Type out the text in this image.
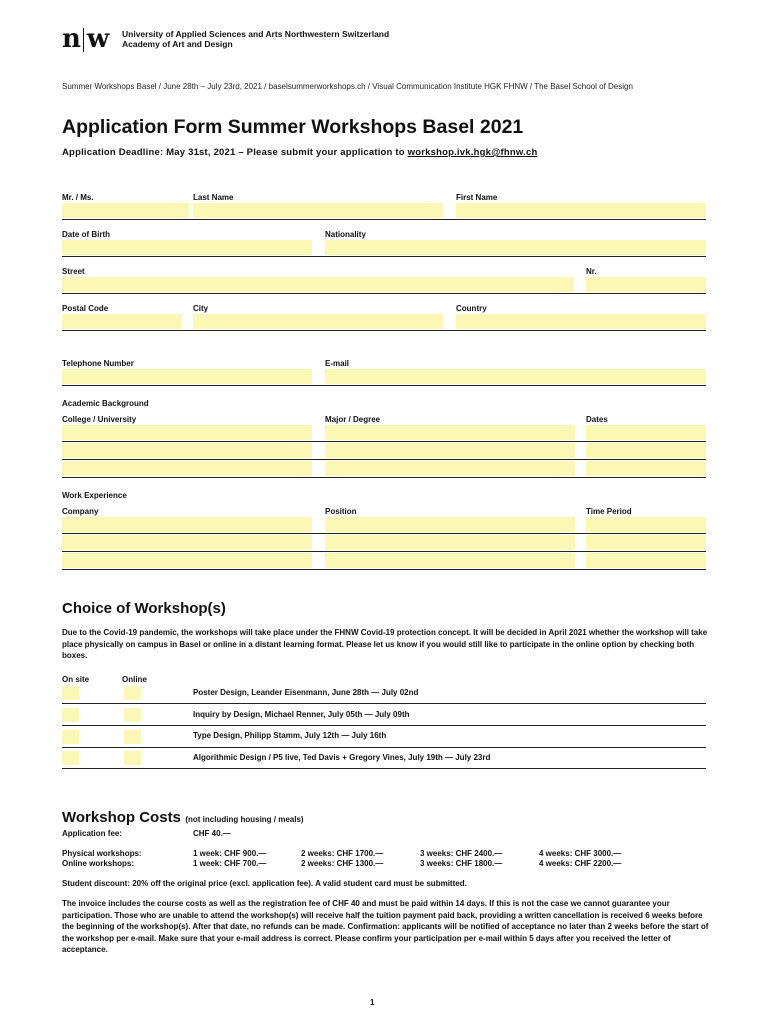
n w University of Applied Sciences and Arts Northwestern Switzerland
Academy of Art and Design
Summer Workshops Basel / June 28th – July 23rd, 2021 / baselsummerworkshops.ch / Visual Communication Institute HGK FHNW / The Basel School of Design
Application Form Summer Workshops Basel 2021
Application Deadline: May 31st, 2021 – Please submit your application to workshop.ivk.hgk@fhnw.ch
Mr. / Ms.	Last Name	First Name
Date of Birth	Nationality
Street	Nr.
Postal Code	City	Country
Telephone Number	E-mail
Academic Background
College / University	Major / Degree	Dates
Work Experience
Company	Position	Time Period
Choice of Workshop(s)
Due to the Covid-19 pandemic, the workshops will take place under the FHNW Covid-19 protection concept. It will be decided in April 2021 whether the workshop will take place physically on campus in Basel or online in a distant learning format. Please let us know if you would still like to participate in the online option by checking both boxes.
On site	Online
Poster Design, Leander Eisenmann, June 28th — July 02nd
Inquiry by Design, Michael Renner, July 05th — July 09th
Type Design, Philipp Stamm, July 12th — July 16th
Algorithmic Design / P5 live, Ted Davis + Gregory Vines, July 19th — July 23rd
Workshop Costs (not including housing / meals)
Application fee:	CHF 40.—
Physical workshops:	1 week: CHF 900.—	2 weeks: CHF 1700.—	3 weeks: CHF 2400.—	4 weeks: CHF 3000.—
Online workshops:	1 week: CHF 700.—	2 weeks: CHF 1300.—	3 weeks: CHF 1800.—	4 weeks: CHF 2200.—
Student discount: 20% off the original price (excl. application fee). A valid student card must be submitted.
The invoice includes the course costs as well as the registration fee of CHF 40 and must be paid within 14 days. If this is not the case we cannot guarantee your participation. Those who are unable to attend the workshop(s) will receive half the tuition payment paid back, providing a written cancellation is received 6 weeks before the beginning of the workshop(s). After that date, no refunds can be made. Confirmation: applicants will be notified of acceptance no later than 2 weeks before the start of the workshop per e-mail. Make sure that your e-mail address is correct. Please confirm your participation per e-mail within 5 days after you received the letter of acceptance.
1
